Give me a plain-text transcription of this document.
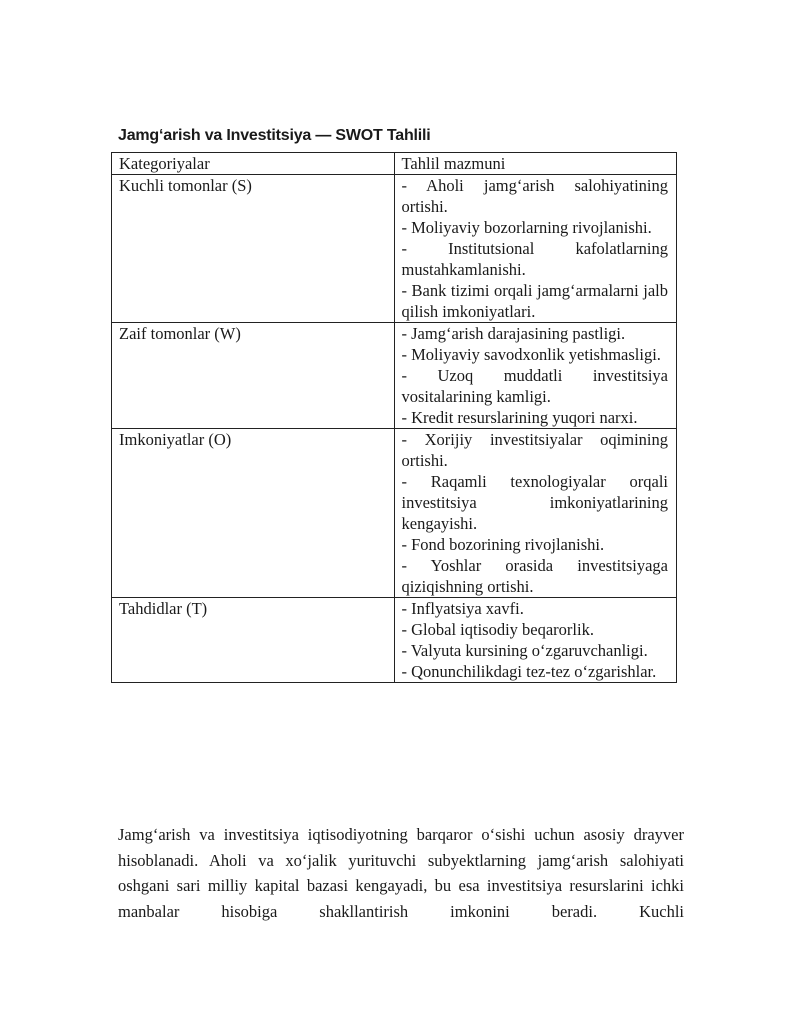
Jamg‘arish va Investitsiya — SWOT Tahlili
Kategoriyalar	Tahlil mazmuni
Kuchli tomonlar (S)	- Aholi jamg‘arish salohiyatining ortishi.
- Moliyaviy bozorlarning rivojlanishi.
- Institutsional kafolatlarning mustahkamlanishi.
- Bank tizimi orqali jamg‘armalarni jalb qilish imkoniyatlari.

Zaif tomonlar (W)	- Jamg‘arish darajasining pastligi.
- Moliyaviy savodxonlik yetishmasligi.
- Uzoq muddatli investitsiya vositalarining kamligi.
- Kredit resurslarining yuqori narxi.

Imkoniyatlar (O)	- Xorijiy investitsiyalar oqimining ortishi.
- Raqamli texnologiyalar orqali investitsiya imkoniyatlarining kengayishi.
- Fond bozorining rivojlanishi.
- Yoshlar orasida investitsiyaga qiziqishning ortishi.

Tahdidlar (T)	- Inflyatsiya xavfi.
- Global iqtisodiy beqarorlik.
- Valyuta kursining o‘zgaruvchanligi.
- Qonunchilikdagi tez-tez o‘zgarishlar.

Jamg‘arish va investitsiya iqtisodiyotning barqaror o‘sishi uchun asosiy drayver hisoblanadi. Aholi va xo‘jalik yurituvchi subyektlarning jamg‘arish salohiyati oshgani sari milliy kapital bazasi kengayadi, bu esa investitsiya resurslarini ichki manbalar hisobiga shakllantirish imkonini beradi. Kuchli
